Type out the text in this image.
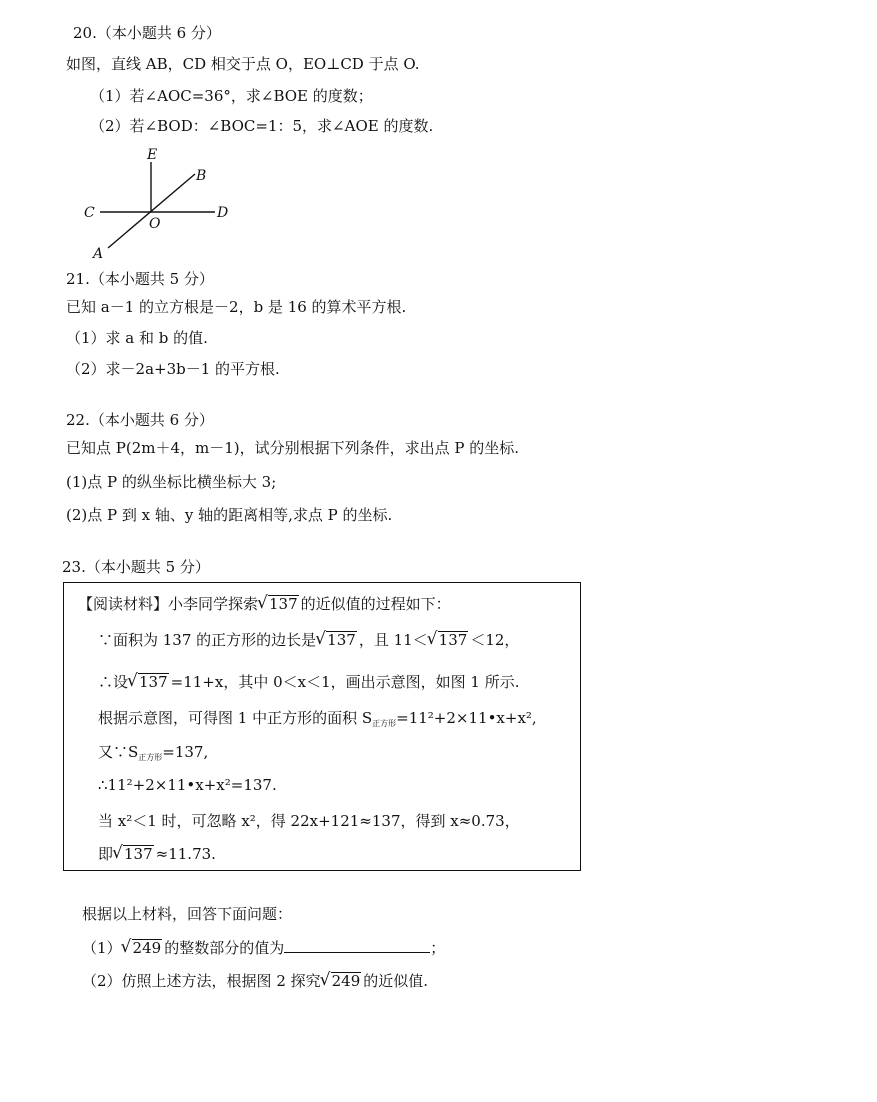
20.（本小题共 6 分）
如图，直线 AB，CD 相交于点 O，EO⊥CD 于点 O.
（1）若∠AOC=36°，求∠BOE 的度数；
（2）若∠BOD：∠BOC=1：5，求∠AOE 的度数.
E
B
C
O
D
A
21.（本小题共 5 分）
已知 a－1 的立方根是－2，b 是 16 的算术平方根.
（1）求 a 和 b 的值.
（2）求－2a+3b－1 的平方根.
22.（本小题共 6 分）
已知点 P(2m＋4，m－1)，试分别根据下列条件，求出点 P 的坐标.
(1)点 P 的纵坐标比横坐标大 3;
(2)点 P 到 x 轴、y 轴的距离相等,求点 P 的坐标.
23.（本小题共 5 分）
【阅读材料】小李同学探索 √ 137 的近似值的过程如下：
∵面积为 137 的正方形的边长是 √ 137 ，且 11＜ √ 137 ＜12，
∴设 √ 137 =11+x，其中 0＜x＜1，画出示意图，如图 1 所示.
根据示意图，可得图 1 中正方形的面积 $S_{正方形}=11^2+2\times 11•x+x^2$,
又$\because S_{正方形}=137$,
∴11²+2×11•x+x²=137.
当 x²＜1 时，可忽略 x²，得 22x+121≈137，得到 x≈0.73，
即 √ 137 ≈11.73.
根据以上材料，回答下面问题：
（1） √ 249 的整数部分的值为	；
（2）仿照上述方法，根据图 2 探究 √ 249 的近似值.
